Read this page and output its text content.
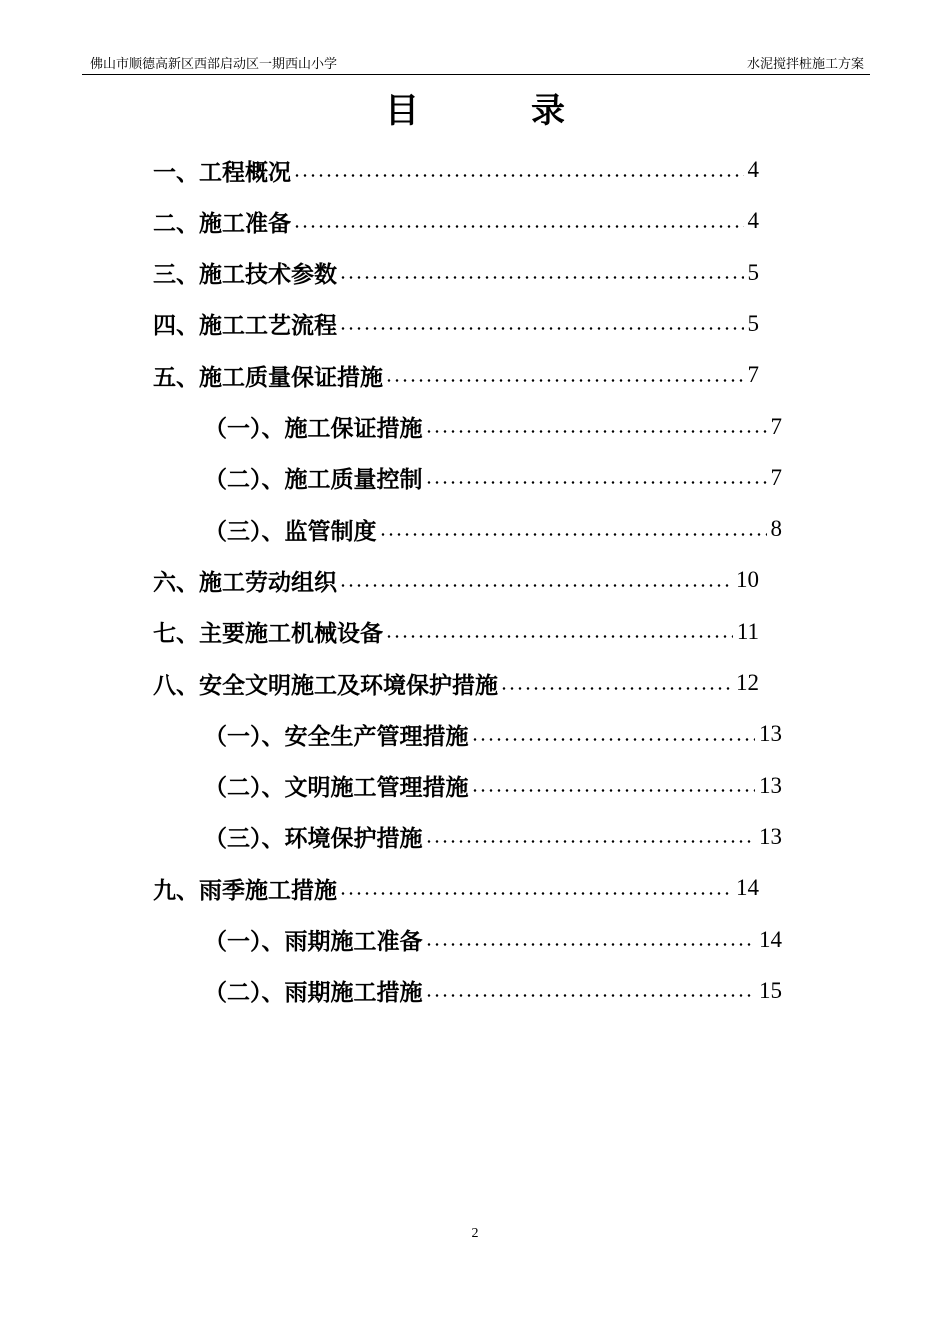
佛山市顺德高新区西部启动区一期西山小学	水泥搅拌桩施工方案
目	录
一、工程概况	4
二、施工准备	4
三、施工技术参数	5
四、施工工艺流程	5
五、施工质量保证措施	7
（一）、施工保证措施	7
（二）、施工质量控制	7
（三）、监管制度	8
六、施工劳动组织	10
七、主要施工机械设备	11
八、安全文明施工及环境保护措施	12
（一）、安全生产管理措施	13
（二）、文明施工管理措施	13
（三）、环境保护措施	13
九、雨季施工措施	14
（一）、雨期施工准备	14
（二）、雨期施工措施	15
2
